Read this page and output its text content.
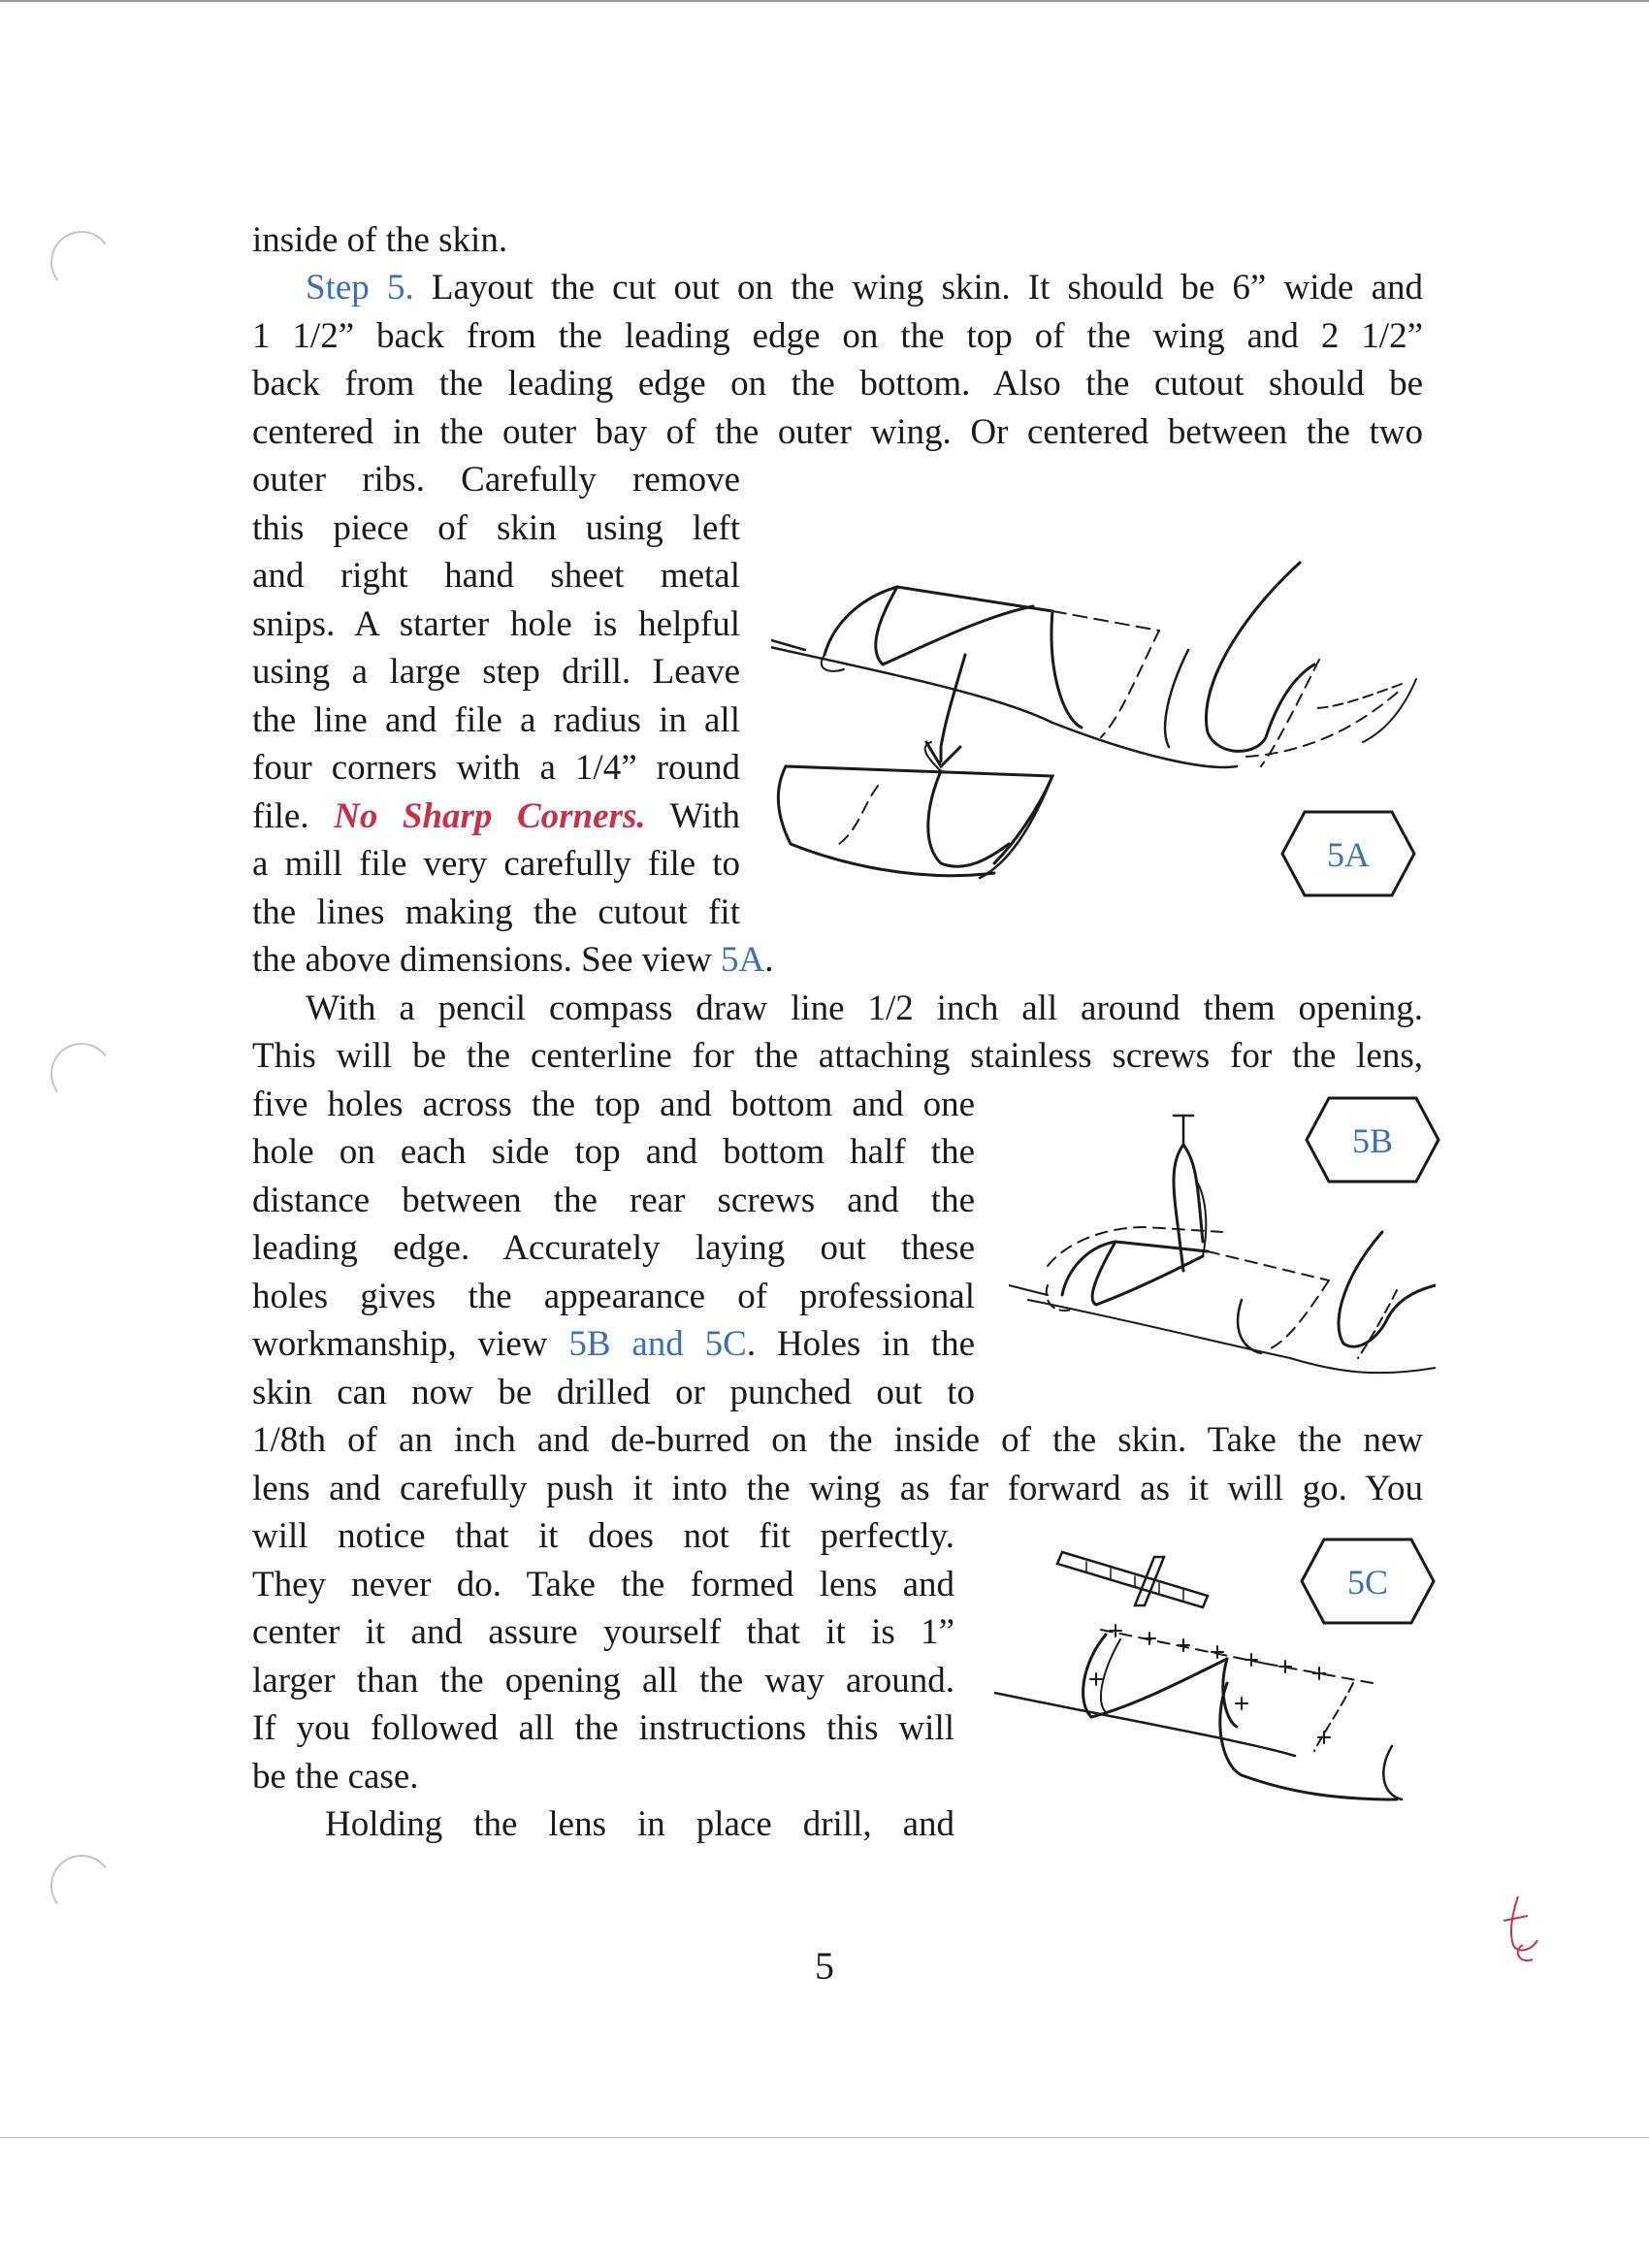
inside of the skin.
Step 5. Layout the cut out on the wing skin. It should be 6” wide and
1 1/2” back from the leading edge on the top of the wing and 2 1/2”
back from the leading edge on the bottom. Also the cutout should be
centered in the outer bay of the outer wing. Or centered between the two
outer ribs. Carefully remove
this piece of skin using left
and right hand sheet metal
snips. A starter hole is helpful
using a large step drill. Leave
the line and file a radius in all
four corners with a 1/4” round
file. No Sharp Corners. With
a mill file very carefully file to
the lines making the cutout fit
the above dimensions. See view 5A.
With a pencil compass draw line 1/2 inch all around them opening.
This will be the centerline for the attaching stainless screws for the lens,
five holes across the top and bottom and one
hole on each side top and bottom half the
distance between the rear screws and the
leading edge. Accurately laying out these
holes gives the appearance of professional
workmanship, view 5B and 5C. Holes in the
skin can now be drilled or punched out to
1/8th of an inch and de-burred on the inside of the skin. Take the new
lens and carefully push it into the wing as far forward as it will go. You
will notice that it does not fit perfectly.
They never do. Take the formed lens and
center it and assure yourself that it is 1”
larger than the opening all the way around.
If you followed all the instructions this will
be the case.
Holding the lens in place drill, and
5A
5B
5C
5
